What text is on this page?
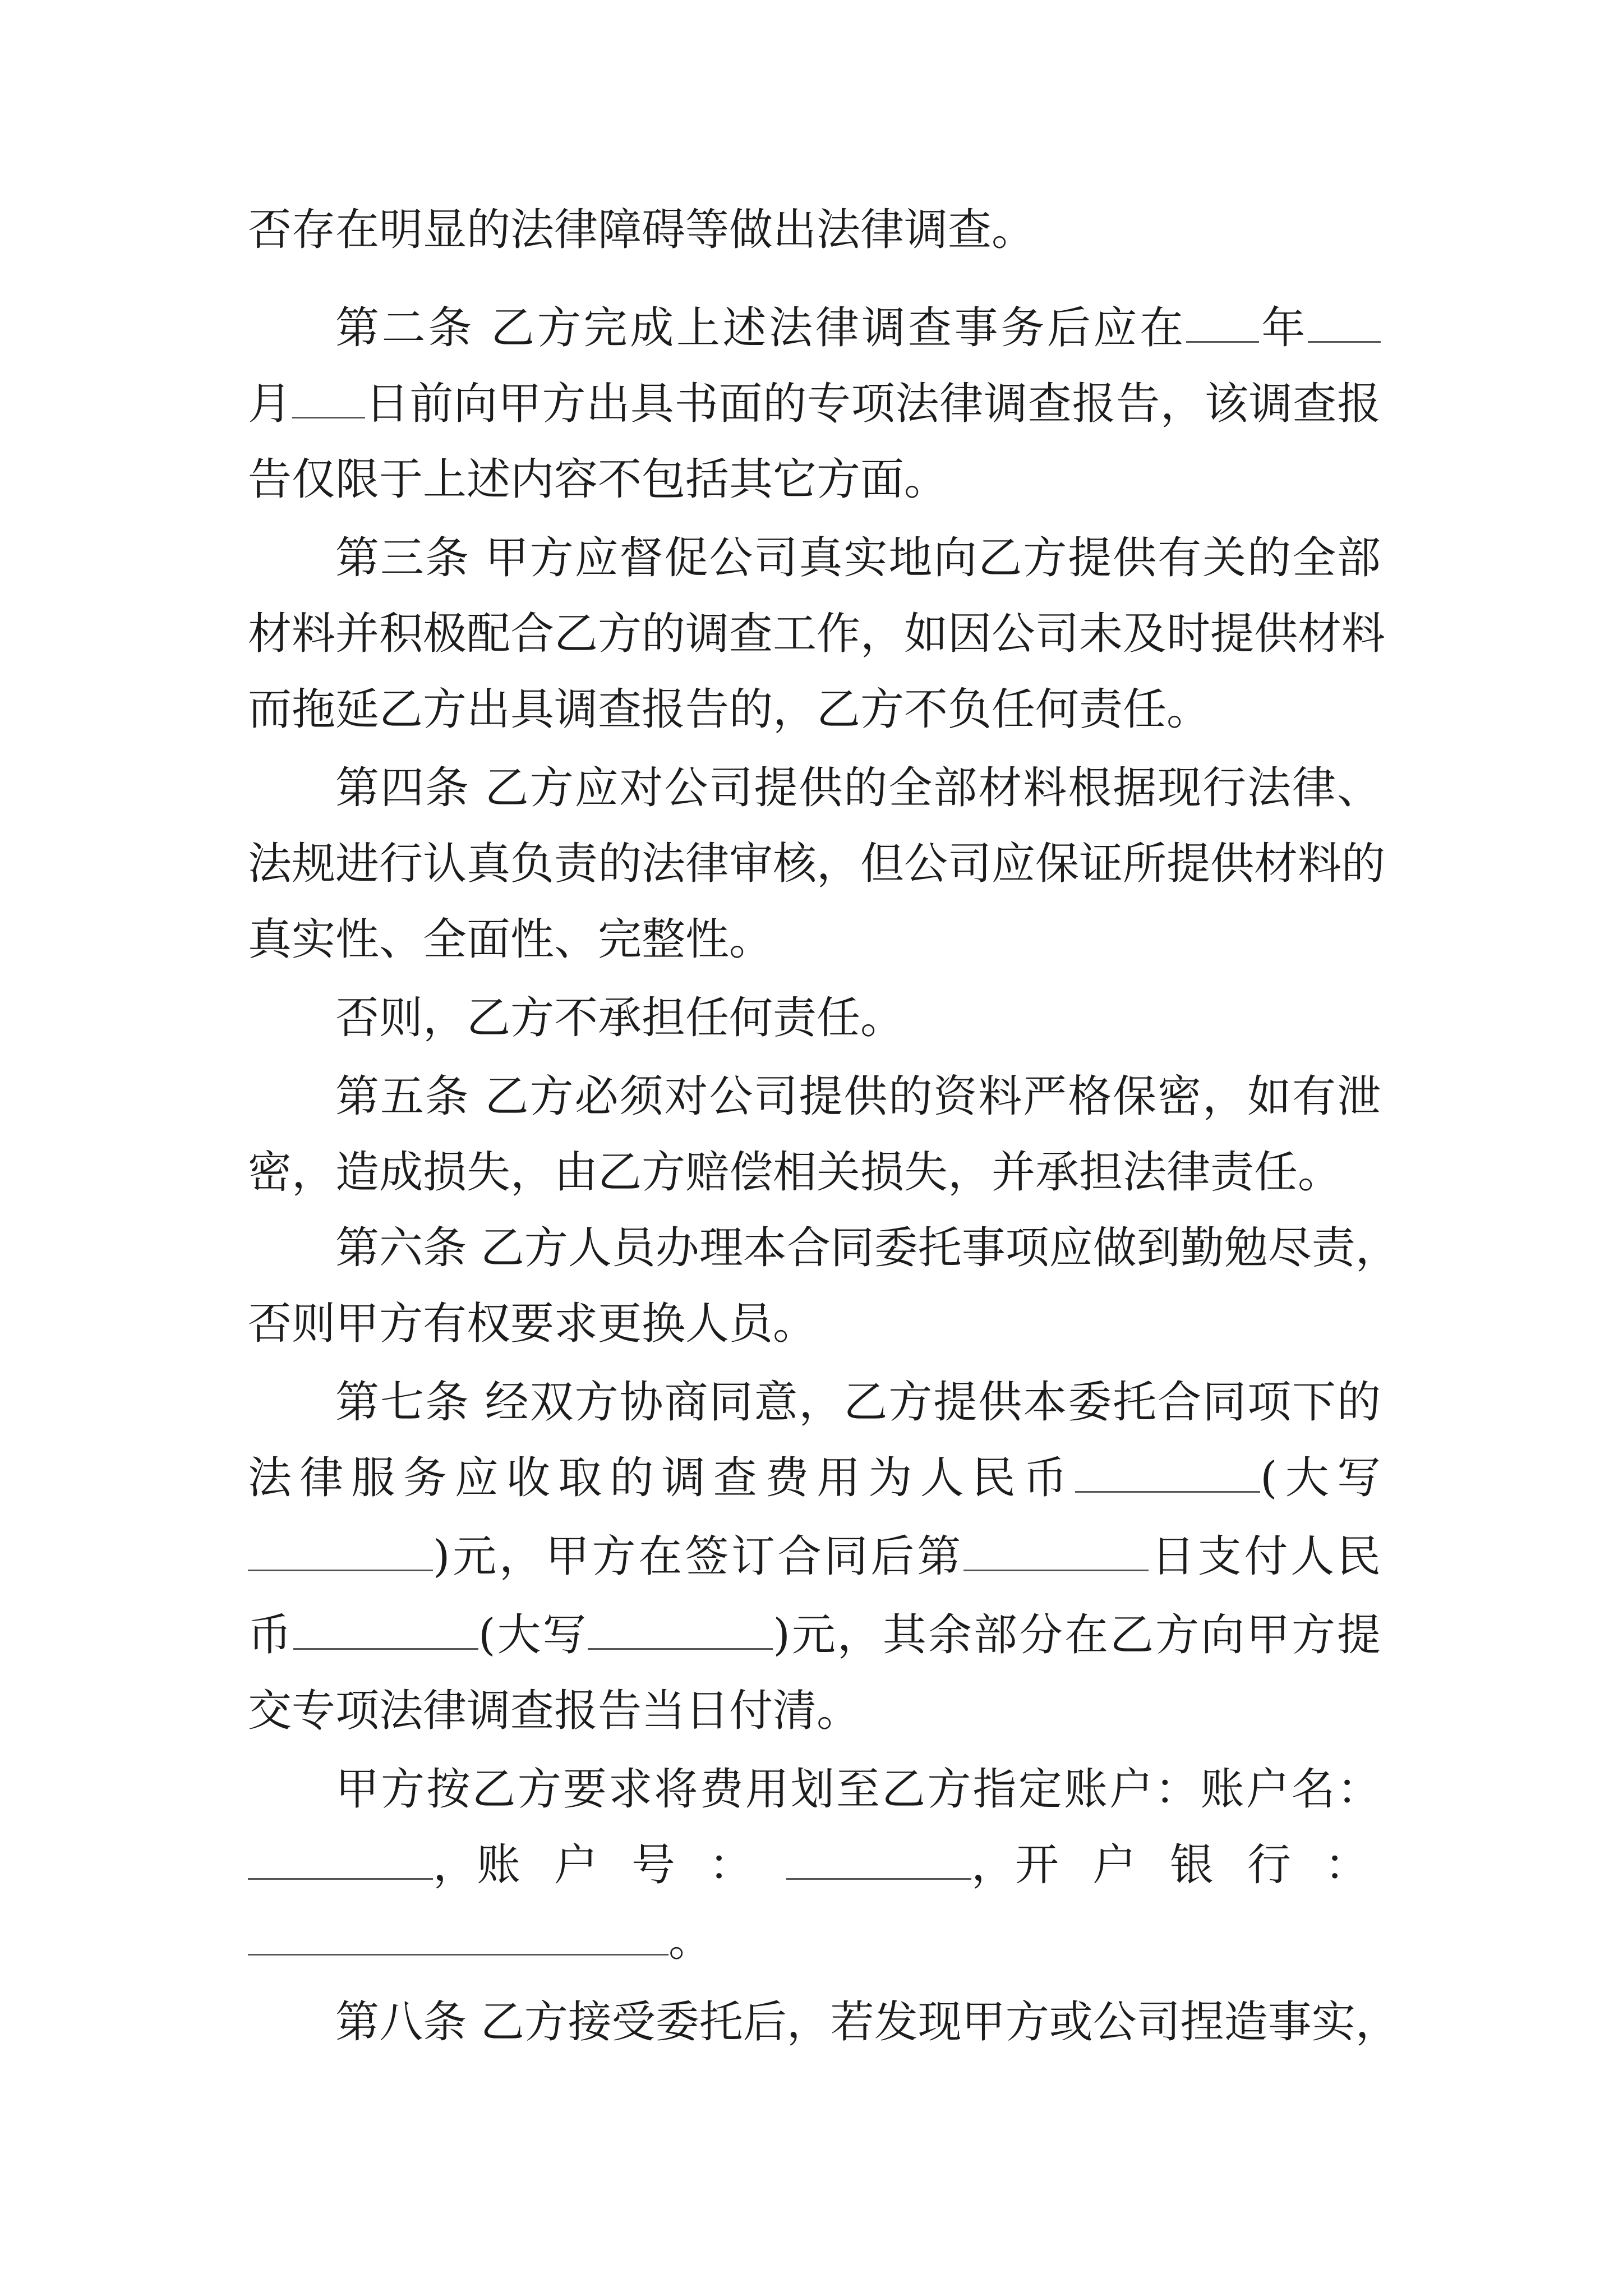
否存在明显的法律障碍等做出法律调查。
第二条 乙方完成上述法律调查事务后应在 年
月 日前向甲方出具书面的专项法律调查报告，该调查报
告仅限于上述内容不包括其它方面。
第三条 甲方应督促公司真实地向乙方提供有关的全部
材料并积极配合乙方的调查工作，如因公司未及时提供材料
而拖延乙方出具调查报告的，乙方不负任何责任。
第四条 乙方应对公司提供的全部材料根据现行法律、
法规进行认真负责的法律审核，但公司应保证所提供材料的
真实性、全面性、完整性。
否则，乙方不承担任何责任。
第五条 乙方必须对公司提供的资料严格保密，如有泄
密，造成损失，由乙方赔偿相关损失，并承担法律责任。
第六条 乙方人员办理本合同委托事项应做到勤勉尽责，
否则甲方有权要求更换人员。
第七条 经双方协商同意，乙方提供本委托合同项下的
法律服务应收取的调查费用为人民币	(大写
)元，甲方在签订合同后第	日支付人民
币	(大写	)元，其余部分在乙方向甲方提
交专项法律调查报告当日付清。
甲方按乙方要求将费用划至乙方指定账户：账户名：
，账户号：	，开户银行：
。
第八条 乙方接受委托后，若发现甲方或公司捏造事实，
